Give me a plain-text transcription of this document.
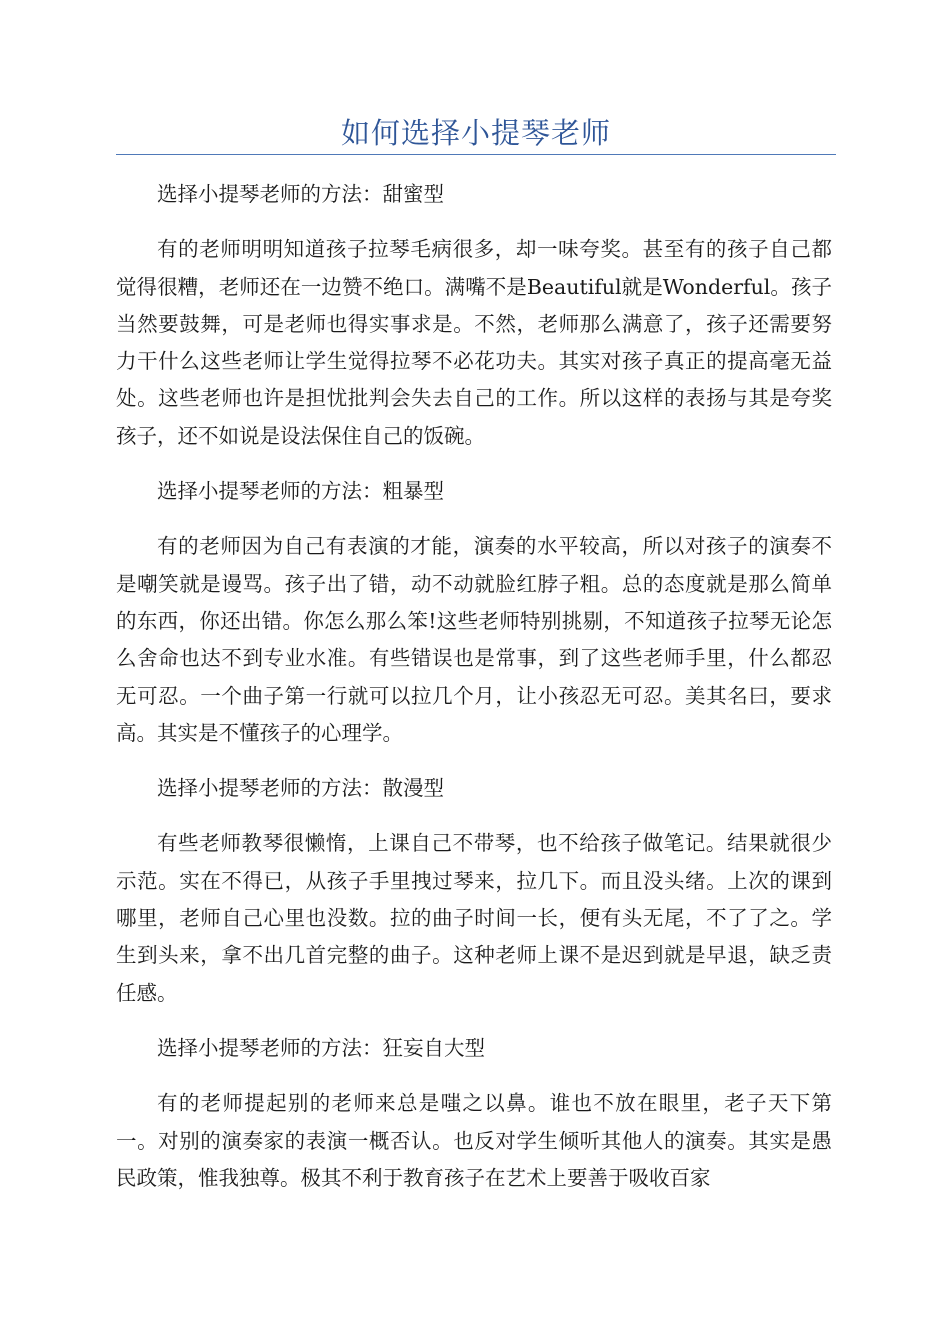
如何选择小提琴老师

选择小提琴老师的方法：甜蜜型

有的老师明明知道孩子拉琴毛病很多，却一味夸奖。甚至有的孩子自己都觉得很糟，老师还在一边赞不绝口。满嘴不是Beautiful就是Wonderful。孩子当然要鼓舞，可是老师也得实事求是。不然，老师那么满意了，孩子还需要努力干什么这些老师让学生觉得拉琴不必花功夫。其实对孩子真正的提高毫无益处。这些老师也许是担忧批判会失去自己的工作。所以这样的表扬与其是夸奖孩子，还不如说是设法保住自己的饭碗。

选择小提琴老师的方法：粗暴型

有的老师因为自己有表演的才能，演奏的水平较高，所以对孩子的演奏不是嘲笑就是谩骂。孩子出了错，动不动就脸红脖子粗。总的态度就是那么简单的东西，你还出错。你怎么那么笨!这些老师特别挑剔，不知道孩子拉琴无论怎么舍命也达不到专业水准。有些错误也是常事，到了这些老师手里，什么都忍无可忍。一个曲子第一行就可以拉几个月，让小孩忍无可忍。美其名曰，要求高。其实是不懂孩子的心理学。

选择小提琴老师的方法：散漫型

有些老师教琴很懒惰，上课自己不带琴，也不给孩子做笔记。结果就很少示范。实在不得已，从孩子手里拽过琴来，拉几下。而且没头绪。上次的课到哪里，老师自己心里也没数。拉的曲子时间一长，便有头无尾，不了了之。学生到头来，拿不出几首完整的曲子。这种老师上课不是迟到就是早退，缺乏责任感。

选择小提琴老师的方法：狂妄自大型

有的老师提起别的老师来总是嗤之以鼻。谁也不放在眼里，老子天下第一。对别的演奏家的表演一概否认。也反对学生倾听其他人的演奏。其实是愚民政策，惟我独尊。极其不利于教育孩子在艺术上要善于吸收百家
